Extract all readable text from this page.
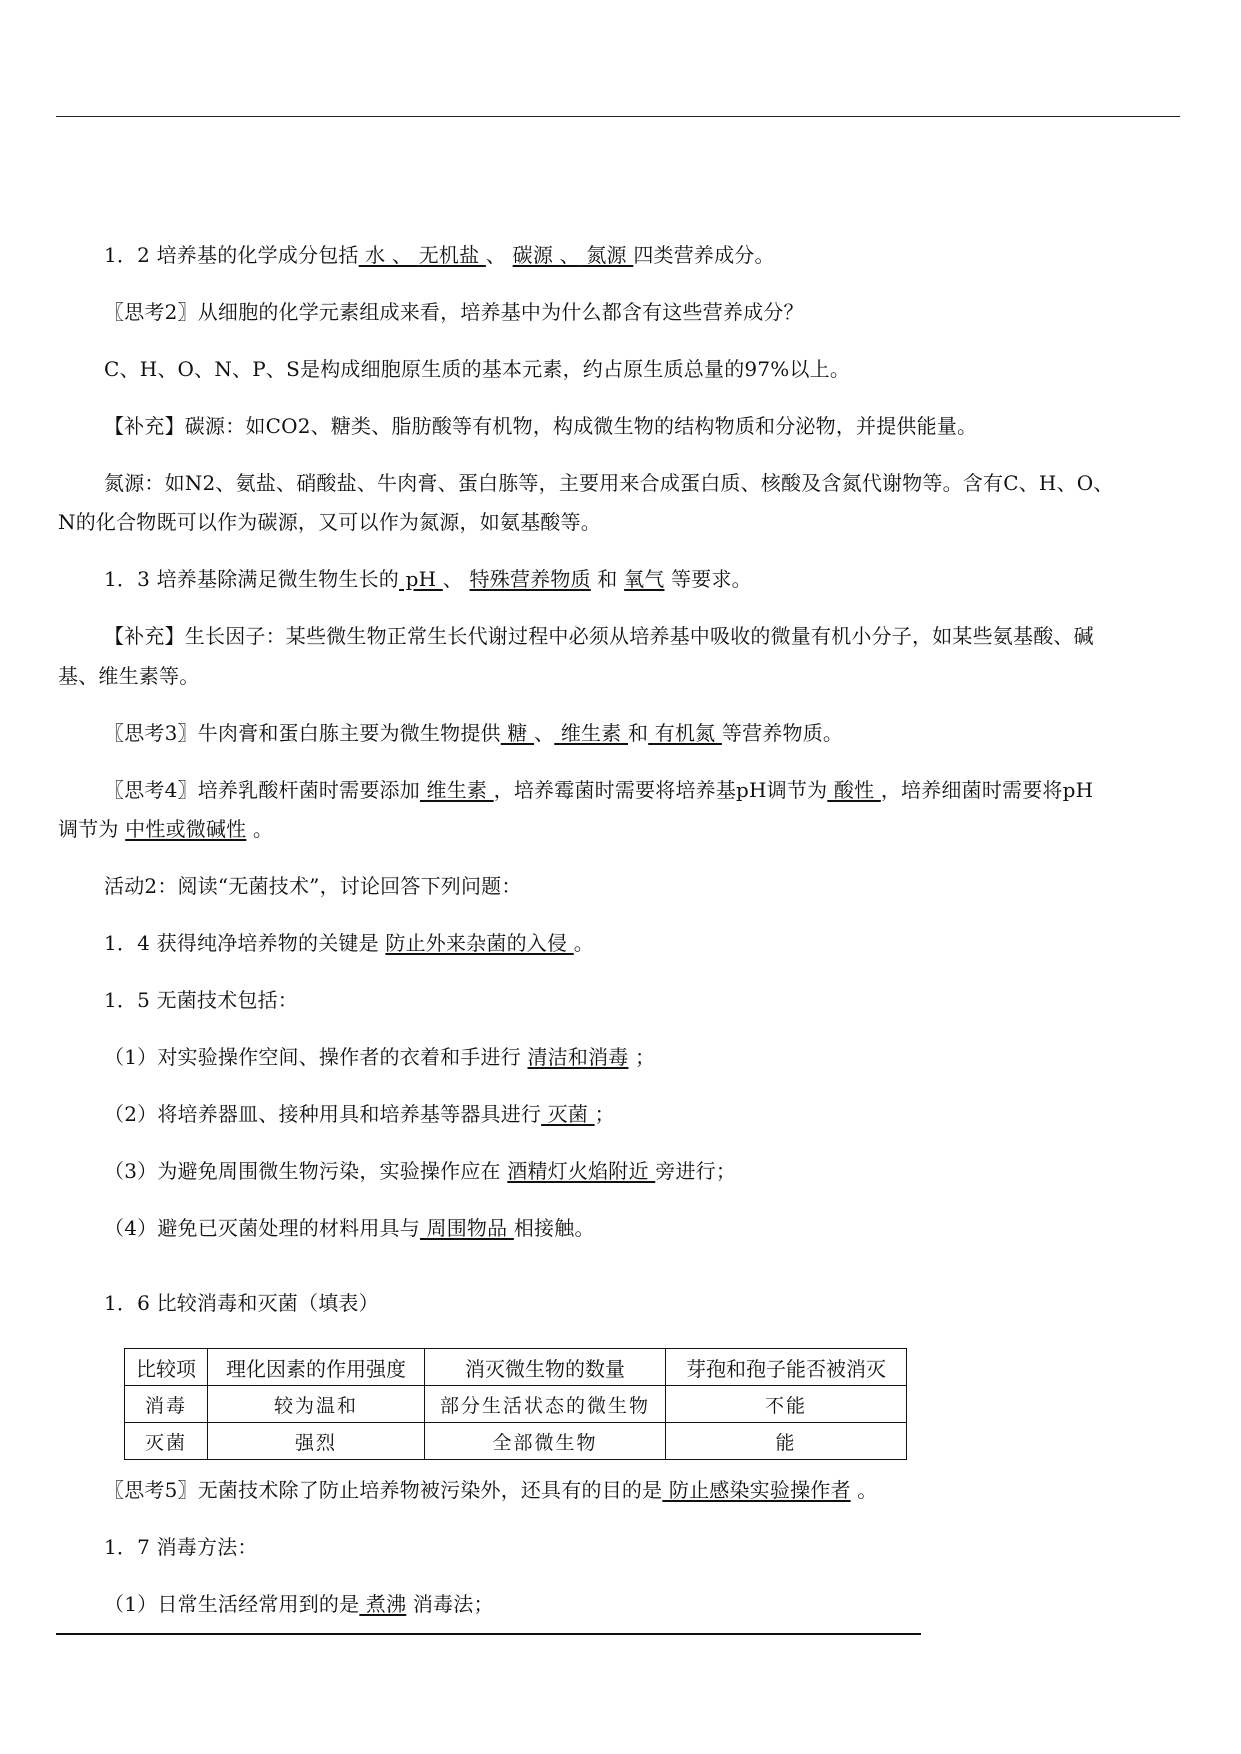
1．2 培养基的化学成分包括 水 、 无机盐 、 碳源 、 氮源 四类营养成分。
〖思考2〗从细胞的化学元素组成来看，培养基中为什么都含有这些营养成分？
C、H、O、N、P、S是构成细胞原生质的基本元素，约占原生质总量的97%以上。
【补充】碳源：如CO2、糖类、脂肪酸等有机物，构成微生物的结构物质和分泌物，并提供能量。
氮源：如N2、氨盐、硝酸盐、牛肉膏、蛋白胨等，主要用来合成蛋白质、核酸及含氮代谢物等。含有C、H、O、
N的化合物既可以作为碳源，又可以作为氮源，如氨基酸等。
1．3 培养基除满足微生物生长的 pH 、 特殊营养物质 和 氧气 等要求。
【补充】生长因子：某些微生物正常生长代谢过程中必须从培养基中吸收的微量有机小分子，如某些氨基酸、碱
基、维生素等。
〖思考3〗牛肉膏和蛋白胨主要为微生物提供 糖 、 维生素 和 有机氮 等营养物质。
〖思考4〗培养乳酸杆菌时需要添加 维生素 ，培养霉菌时需要将培养基pH调节为 酸性 ，培养细菌时需要将pH
调节为 中性或微碱性 。
活动2：阅读“无菌技术”，讨论回答下列问题：
1．4 获得纯净培养物的关键是 防止外来杂菌的入侵 。
1．5 无菌技术包括：
（1）对实验操作空间、操作者的衣着和手进行 清洁和消毒 ；
（2）将培养器皿、接种用具和培养基等器具进行 灭菌 ；
（3）为避免周围微生物污染，实验操作应在 酒精灯火焰附近 旁进行；
（4）避免已灭菌处理的材料用具与 周围物品 相接触。
1．6 比较消毒和灭菌（填表）
比较项	理化因素的作用强度	消灭微生物的数量	芽孢和孢子能否被消灭
消毒	较为温和	部分生活状态的微生物	不能
灭菌	强烈	全部微生物	能
〖思考5〗无菌技术除了防止培养物被污染外，还具有的目的是 防止感染实验操作者 。
1．7 消毒方法：
（1）日常生活经常用到的是 煮沸 消毒法；
